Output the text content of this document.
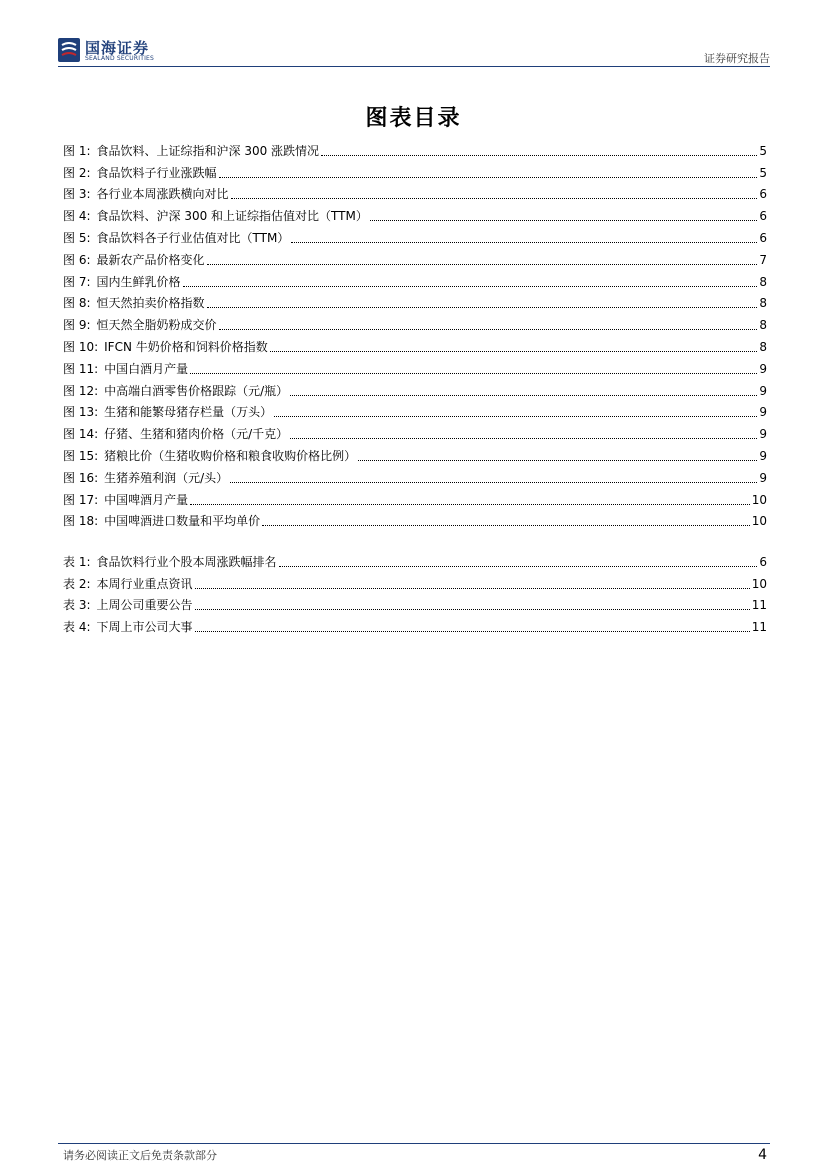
国海证券
SEALAND SECURITIES	证券研究报告
图表目录
图 1: 食品饮料、上证综指和沪深 300 涨跌情况	5
图 2: 食品饮料子行业涨跌幅	5
图 3: 各行业本周涨跌横向对比	6
图 4: 食品饮料、沪深 300 和上证综指估值对比（TTM）	6
图 5: 食品饮料各子行业估值对比（TTM）	6
图 6: 最新农产品价格变化	7
图 7: 国内生鲜乳价格	8
图 8: 恒天然拍卖价格指数	8
图 9: 恒天然全脂奶粉成交价	8
图 10: IFCN 牛奶价格和饲料价格指数	8
图 11: 中国白酒月产量	9
图 12: 中高端白酒零售价格跟踪（元/瓶）	9
图 13: 生猪和能繁母猪存栏量（万头）	9
图 14: 仔猪、生猪和猪肉价格（元/千克）	9
图 15: 猪粮比价（生猪收购价格和粮食收购价格比例）	9
图 16: 生猪养殖利润（元/头）	9
图 17: 中国啤酒月产量	10
图 18: 中国啤酒进口数量和平均单价	10
表 1: 食品饮料行业个股本周涨跌幅排名	6
表 2: 本周行业重点资讯	10
表 3: 上周公司重要公告	11
表 4: 下周上市公司大事	11
请务必阅读正文后免责条款部分	4
